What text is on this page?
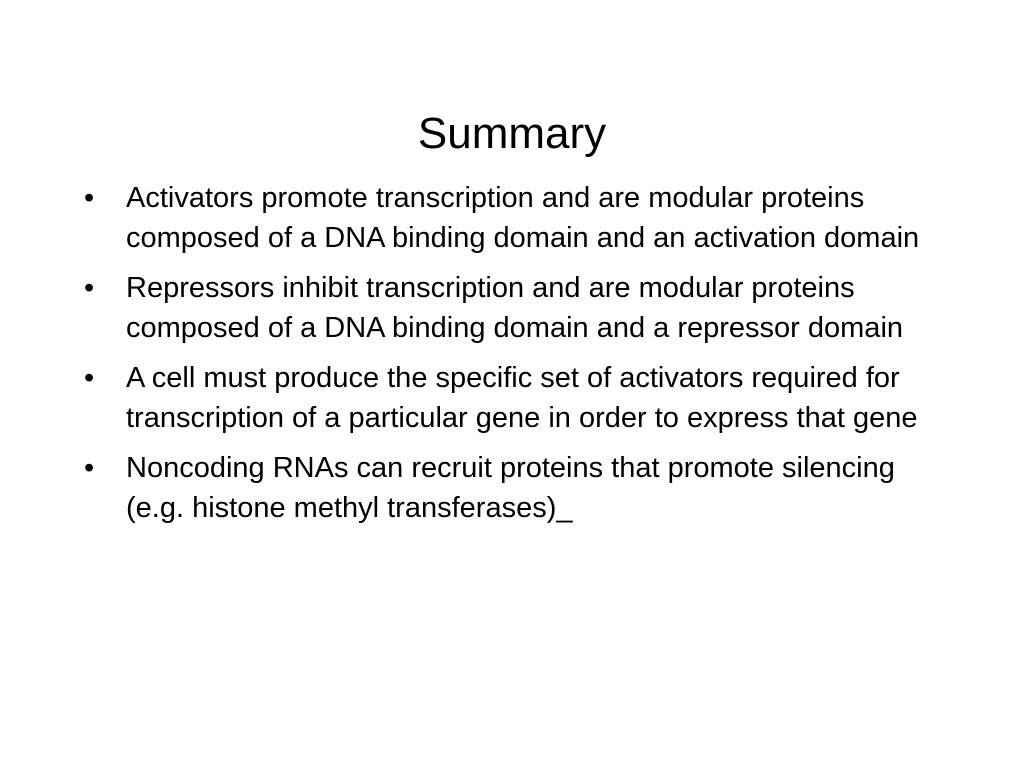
Summary
•	Activators promote transcription and are modular proteins composed of a DNA binding domain and an activation domain
•	Repressors inhibit transcription and are modular proteins composed of a DNA binding domain and a repressor domain
•	A cell must produce the specific set of activators required for transcription of a particular gene in order to express that gene
•	Noncoding RNAs can recruit proteins that promote silencing (e.g. histone methyl transferases)_
